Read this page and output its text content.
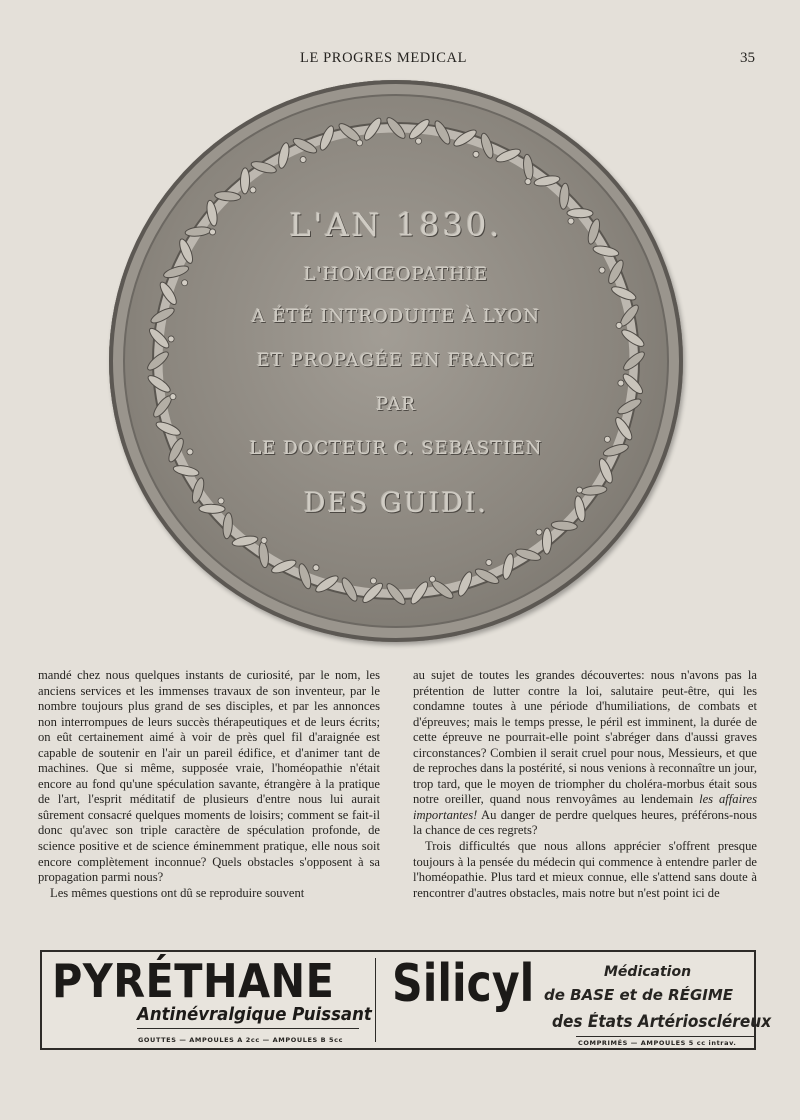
LE PROGRES MEDICAL	35
L'AN 1830.
L'HOMŒOPATHIE
A ÉTÉ INTRODUITE À LYON
ET PROPAGÉE EN FRANCE
PAR
LE DOCTEUR C. SEBASTIEN
DES GUIDI.

mandé chez nous quelques instants de curiosité, par le nom, les anciens services et les immenses travaux de son inventeur, par le nombre toujours plus grand de ses disciples, et par les annonces non interrompues de leurs succès thérapeutiques et de leurs écrits; on eût certainement aimé à voir de près quel fil d'araignée est capable de soutenir en l'air un pareil édifice, et d'animer tant de machines. Que si même, supposée vraie, l'homéopathie n'était encore au fond qu'une spéculation savante, étrangère à la pratique de l'art, l'esprit méditatif de plusieurs d'entre nous lui aurait sûrement consacré quelques moments de loisirs; comment se fait-il donc qu'avec son triple caractère de spéculation profonde, de science positive et de science éminemment pratique, elle nous soit encore complètement inconnue? Quels obstacles s'opposent à sa propagation parmi nous?

Les mêmes questions ont dû se reproduire souvent

au sujet de toutes les grandes découvertes: nous n'avons pas la prétention de lutter contre la loi, salutaire peut-être, qui les condamne toutes à une période d'humiliations, de combats et d'épreuves; mais le temps presse, le péril est imminent, la durée de cette épreuve ne pourrait-elle point s'abréger dans d'aussi graves circonstances? Combien il serait cruel pour nous, Messieurs, et que de reproches dans la postérité, si nous venions à reconnaître un jour, trop tard, que le moyen de triompher du choléra-morbus était sous notre oreiller, quand nous renvoyâmes au lendemain les affaires importantes! Au danger de perdre quelques heures, préférons-nous la chance de ces regrets?

Trois difficultés que nous allons apprécier s'offrent presque toujours à la pensée du médecin qui commence à entendre parler de l'homéopathie. Plus tard et mieux connue, elle s'attend sans doute à rencontrer d'autres obstacles, mais notre but n'est point ici de

PYRÉTHANE
Antinévralgique Puissant
GOUTTES — AMPOULES A 2cc — AMPOULES B 5cc
Silicyl	Médication
de BASE et de RÉGIME
des États Artérioscléreux
COMPRIMÉS — AMPOULES 5 cc intrav.
